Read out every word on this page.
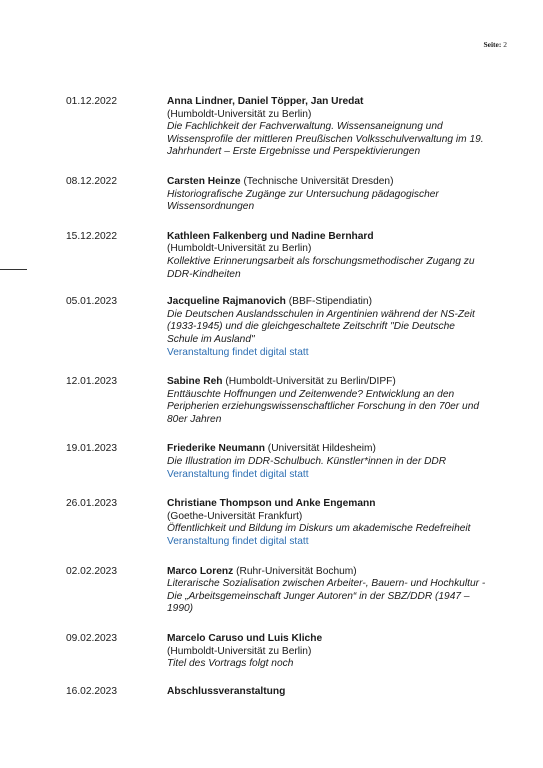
Seite: 2
01.12.2022	Anna Lindner, Daniel Töpper, Jan Uredat
(Humboldt-Universität zu Berlin)
Die Fachlichkeit der Fachverwaltung. Wissensaneignung und Wissensprofile der mittleren Preußischen Volksschulverwaltung im 19. Jahrhundert – Erste Ergebnisse und Perspektivierungen
08.12.2022	Carsten Heinze (Technische Universität Dresden)
Historiografische Zugänge zur Untersuchung pädagogischer Wissensordnungen
15.12.2022	Kathleen Falkenberg und Nadine Bernhard
(Humboldt-Universität zu Berlin)
Kollektive Erinnerungsarbeit als forschungsmethodischer Zugang zu DDR-Kindheiten
05.01.2023	Jacqueline Rajmanovich (BBF-Stipendiatin)
Die Deutschen Auslandsschulen in Argentinien während der NS-Zeit (1933-1945) und die gleichgeschaltete Zeitschrift "Die Deutsche Schule im Ausland"
Veranstaltung findet digital statt
12.01.2023	Sabine Reh (Humboldt-Universität zu Berlin/DIPF)
Enttäuschte Hoffnungen und Zeitenwende? Entwicklung an den Peripherien erziehungswissenschaftlicher Forschung in den 70er und 80er Jahren
19.01.2023	Friederike Neumann (Universität Hildesheim)
Die Illustration im DDR-Schulbuch. Künstler*innen in der DDR
Veranstaltung findet digital statt
26.01.2023	Christiane Thompson und Anke Engemann
(Goethe-Universität Frankfurt)
Öffentlichkeit und Bildung im Diskurs um akademische Redefreiheit
Veranstaltung findet digital statt
02.02.2023	Marco Lorenz (Ruhr-Universität Bochum)
Literarische Sozialisation zwischen Arbeiter-, Bauern- und Hochkultur - Die „Arbeitsgemeinschaft Junger Autoren“ in der SBZ/DDR (1947 – 1990)
09.02.2023	Marcelo Caruso und Luis Kliche
(Humboldt-Universität zu Berlin)
Titel des Vortrags folgt noch
16.02.2023	Abschlussveranstaltung
